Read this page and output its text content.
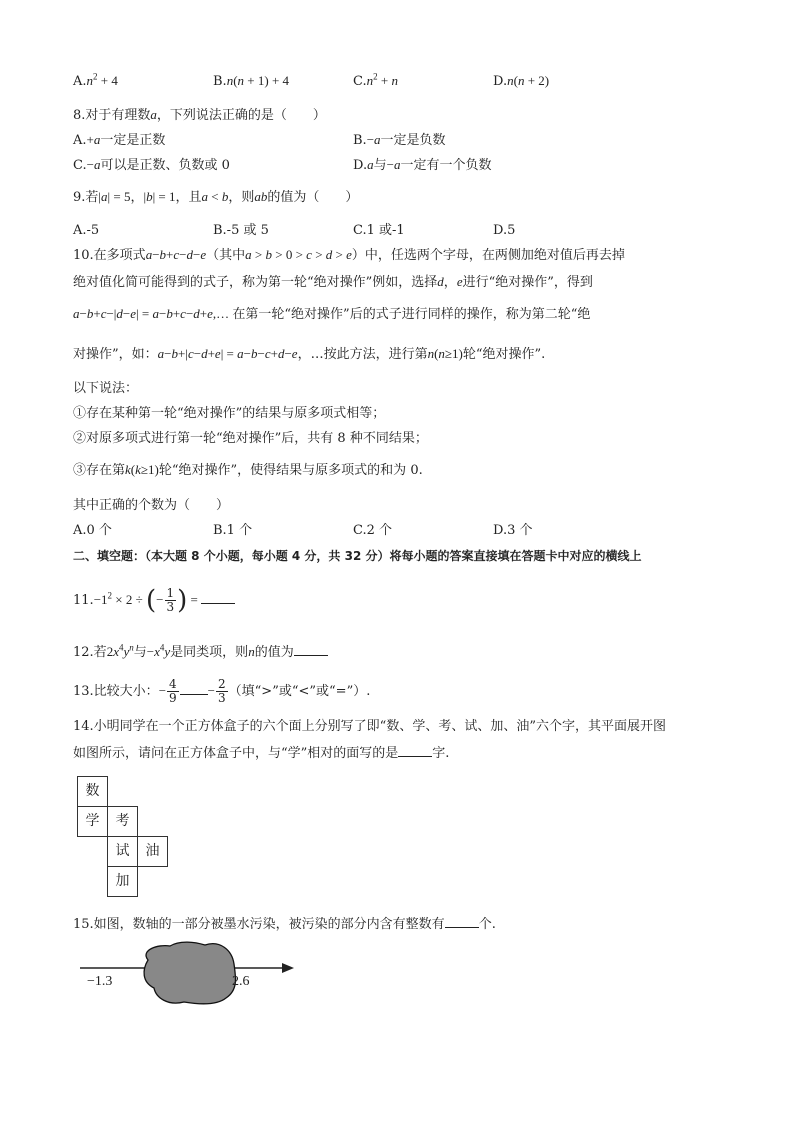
$A.n^2 + 4$	B.n(n + 1) + 4	$C.n^2 + n$	D.n(n + 2)
8.对于有理数a，下列说法正确的是（　　）
A.+a一定是正数	B.−a一定是负数
C.−a可以是正数、负数或 0	D.a与−a一定有一个负数
9.若|a| = 5，|b| = 1，且a < b，则ab的值为（　　）
A.-5	B.-5 或 5	C.1 或-1	D.5
10.在多项式a−b+c−d−e（其中a > b > 0 > c > d > e）中，任选两个字母，在两侧加绝对值后再去掉
绝对值化简可能得到的式子，称为第一轮“绝对操作”例如，选择d，e进行“绝对操作”，得到
a−b+c−|d−e| = a−b+c−d+e,… 在第一轮“绝对操作”后的式子进行同样的操作，称为第二轮“绝
对操作”，如：a−b+|c−d+e| = a−b−c+d−e，…按此方法，进行第n(n≥1)轮“绝对操作”.
以下说法：
①存在某种第一轮“绝对操作”的结果与原多项式相等；
②对原多项式进行第一轮“绝对操作”后，共有 8 种不同结果；
③存在第k(k≥1)轮“绝对操作”，使得结果与原多项式的和为 0.
其中正确的个数为（　　）
A.0 个	B.1 个	C.2 个	D.3 个
二、填空题：（本大题 8 个小题，每小题 4 分，共 32 分）将每小题的答案直接填在答题卡中对应的横线上
$11.-1^2 \times 2$ ÷ (− $\frac{1}{3}$ ) =
12.若$2x^4y^n$与$-x^4y$是同类项，则n的值为
13.比较大小：− $\frac{4}{9} - \frac{2}{3}$ （填“>”或“<”或“=”）.
14.小明同学在一个正方体盒子的六个面上分别写了即“数、学、考、试、加、油”六个字，其平面展开图
如图所示，请问在正方体盒子中，与“学”相对的面写的是	字.
数
学	考
试	油
加
15.如图，数轴的一部分被墨水污染，被污染的部分内含有整数有	个.
−1.3	2.6
